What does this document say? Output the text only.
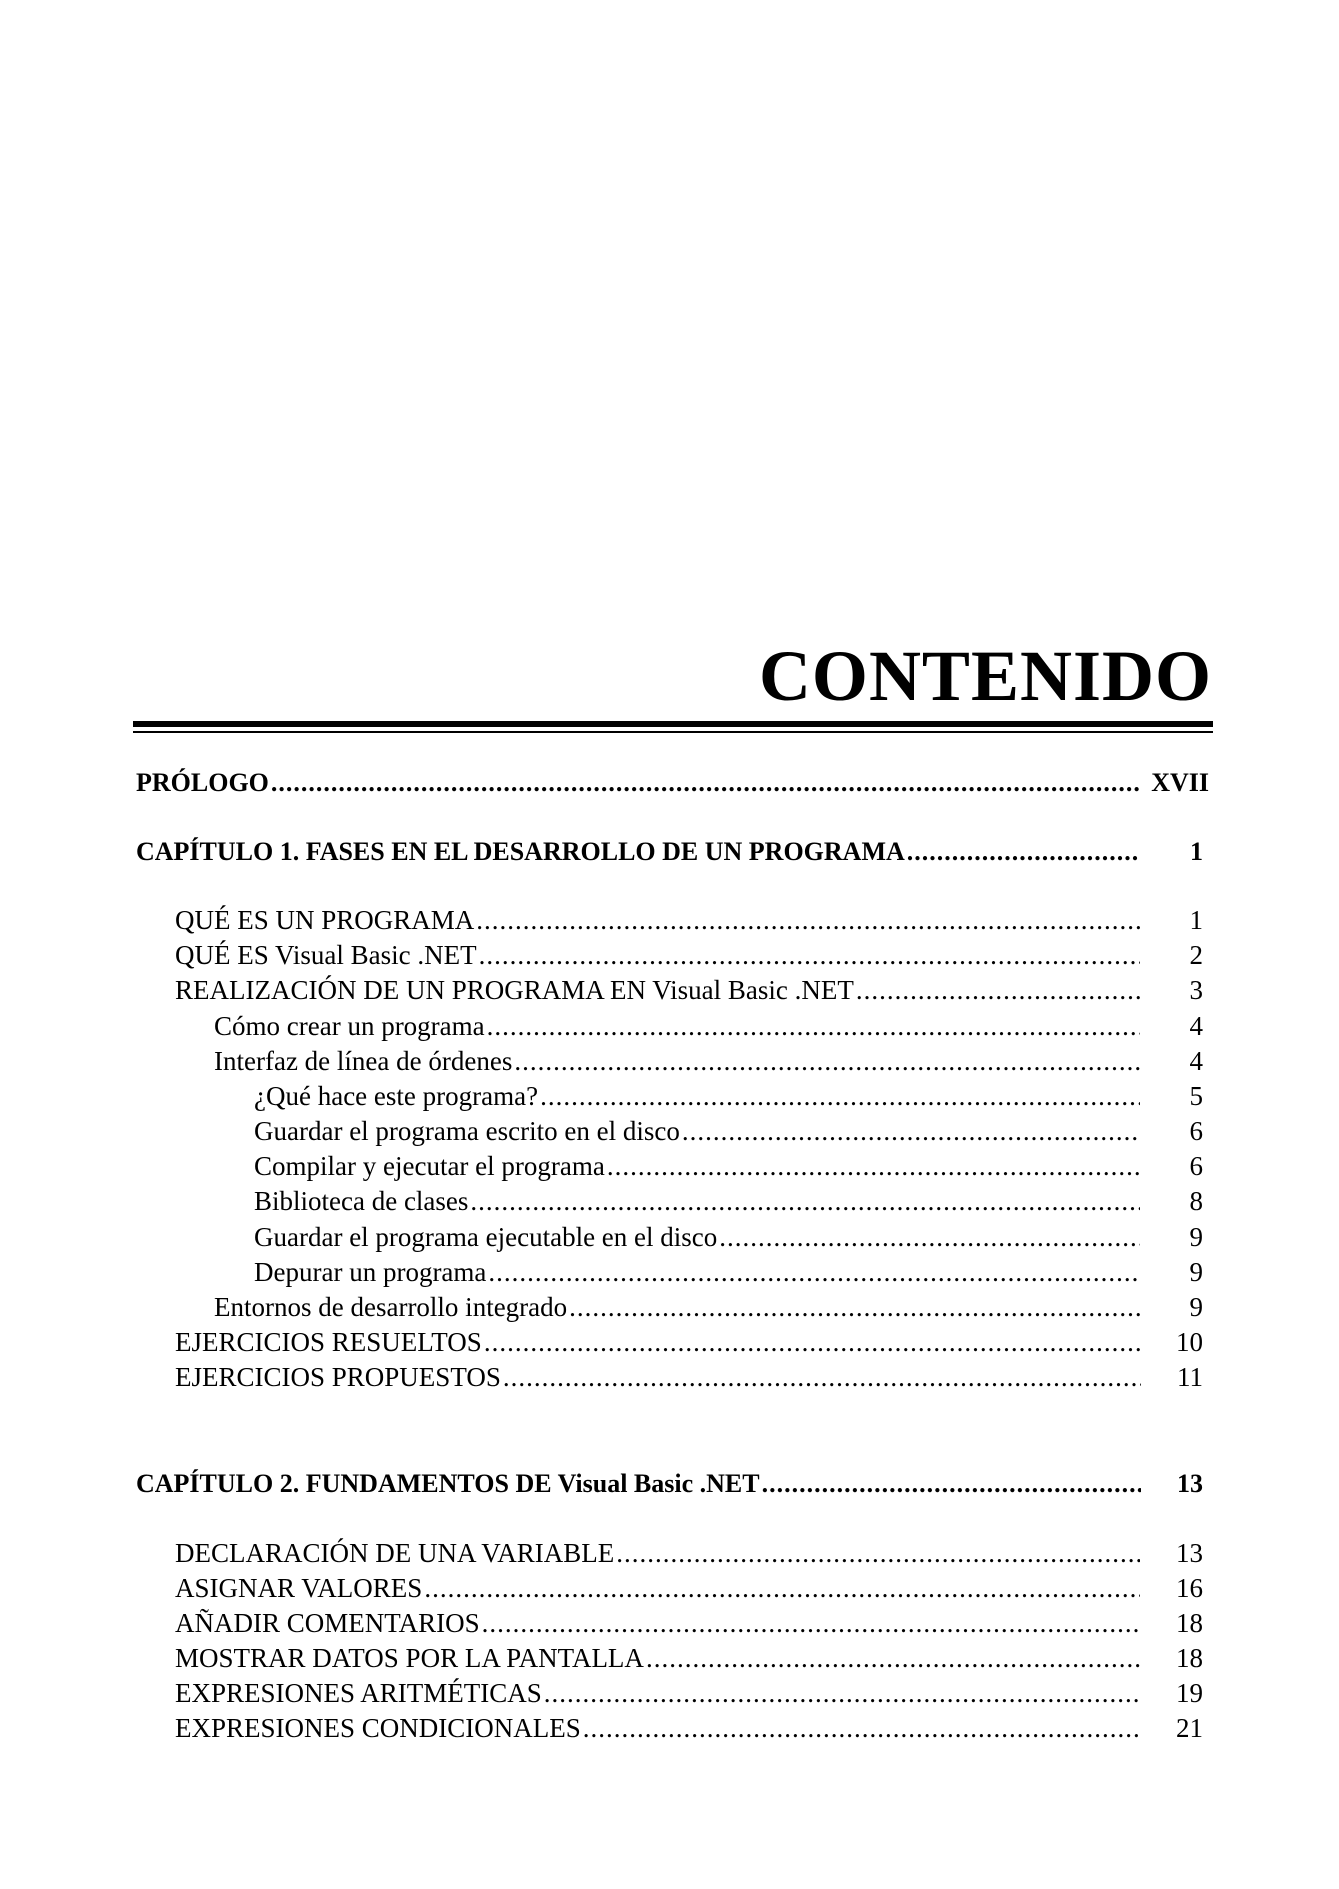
CONTENIDO
PRÓLOGO .....	XVII
CAPÍTULO 1. FASES EN EL DESARROLLO DE UN PROGRAMA .....	1
QUÉ ES UN PROGRAMA .....	1
QUÉ ES Visual Basic .NET .....	2
REALIZACIÓN DE UN PROGRAMA EN Visual Basic .NET .....	3
Cómo crear un programa .....	4
Interfaz de línea de órdenes .....	4
¿Qué hace este programa? .....	5
Guardar el programa escrito en el disco .....	6
Compilar y ejecutar el programa .....	6
Biblioteca de clases .....	8
Guardar el programa ejecutable en el disco .....	9
Depurar un programa .....	9
Entornos de desarrollo integrado .....	9
EJERCICIOS RESUELTOS .....	10
EJERCICIOS PROPUESTOS .....	11
CAPÍTULO 2. FUNDAMENTOS DE Visual Basic .NET .....	13
DECLARACIÓN DE UNA VARIABLE .....	13
ASIGNAR VALORES .....	16
AÑADIR COMENTARIOS .....	18
MOSTRAR DATOS POR LA PANTALLA .....	18
EXPRESIONES ARITMÉTICAS .....	19
EXPRESIONES CONDICIONALES .....	21
